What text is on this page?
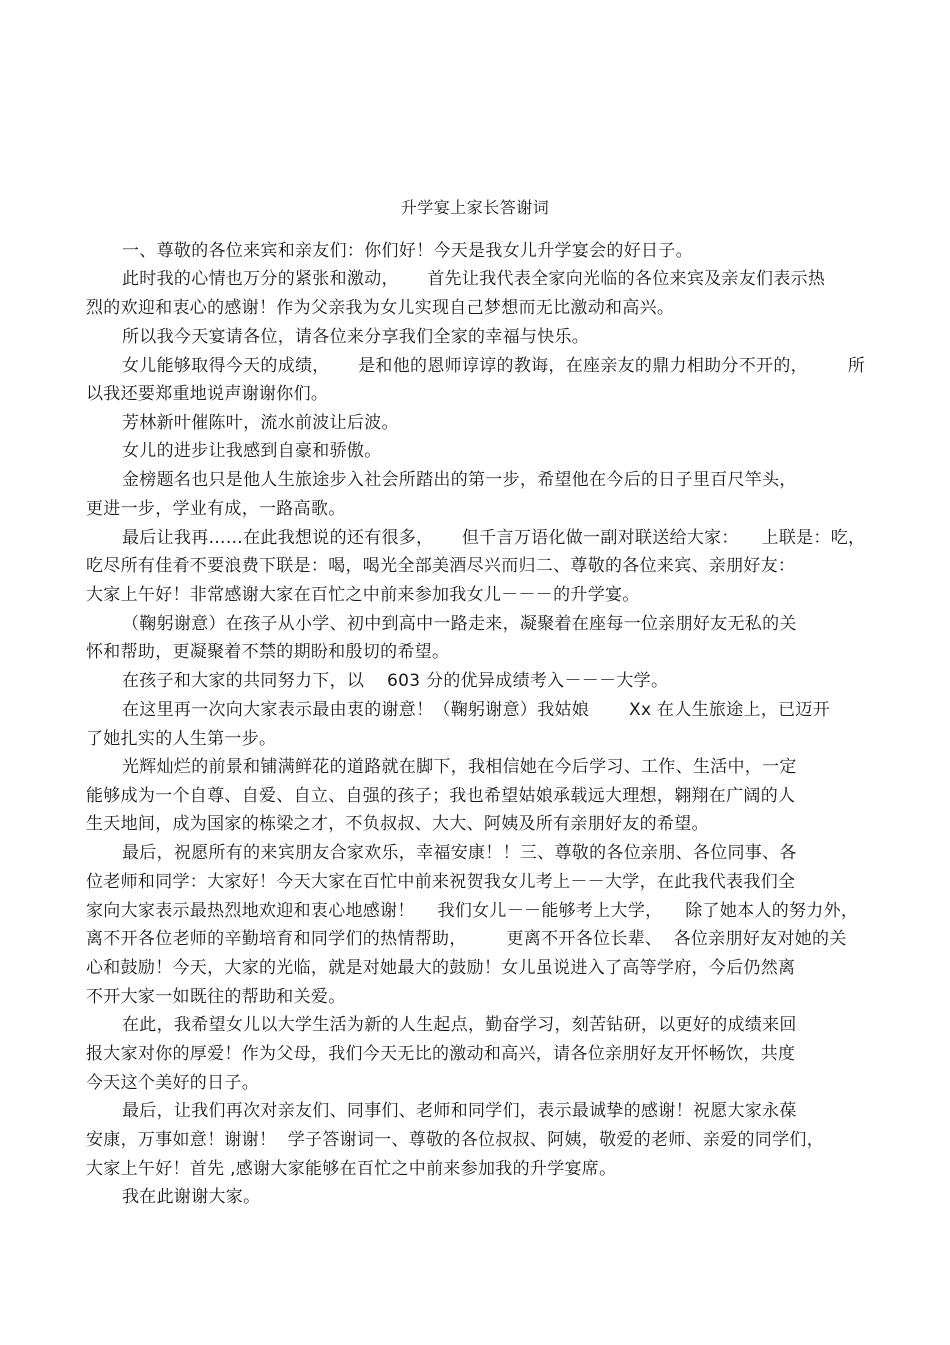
升学宴上家长答谢词
一、尊敬的各位来宾和亲友们：你们好！今天是我女儿升学宴会的好日子。
此时我的心情也万分的紧张和激动，     首先让我代表全家向光临的各位来宾及亲友们表示热
烈的欢迎和衷心的感谢！作为父亲我为女儿实现自己梦想而无比激动和高兴。
所以我今天宴请各位，请各位来分享我们全家的幸福与快乐。
女儿能够取得今天的成绩，     是和他的恩师谆谆的教诲，在座亲友的鼎力相助分不开的，       所
以我还要郑重地说声谢谢你们。
芳林新叶催陈叶，流水前波让后波。
女儿的进步让我感到自豪和骄傲。
金榜题名也只是他人生旅途步入社会所踏出的第一步，希望他在今后的日子里百尺竿头，
更进一步，学业有成，一路高歌。
最后让我再……在此我想说的还有很多，     但千言万语化做一副对联送给大家：    上联是：吃，
吃尽所有佳肴不要浪费下联是：喝，喝光全部美酒尽兴而归二、尊敬的各位来宾、亲朋好友：
大家上午好！非常感谢大家在百忙之中前来参加我女儿－－－的升学宴。
（鞠躬谢意）在孩子从小学、初中到高中一路走来，凝聚着在座每一位亲朋好友无私的关
怀和帮助，更凝聚着不禁的期盼和殷切的希望。
在孩子和大家的共同努力下，以    603 分的优异成绩考入－－－大学。
在这里再一次向大家表示最由衷的谢意！（鞠躬谢意）我姑娘       Xx 在人生旅途上，已迈开
了她扎实的人生第一步。
光辉灿烂的前景和铺满鲜花的道路就在脚下，我相信她在今后学习、工作、生活中，一定
能够成为一个自尊、自爱、自立、自强的孩子；我也希望姑娘承载远大理想，翱翔在广阔的人
生天地间，成为国家的栋梁之才，不负叔叔、大大、阿姨及所有亲朋好友的希望。
最后，祝愿所有的来宾朋友合家欢乐，幸福安康！！三、尊敬的各位亲朋、各位同事、各
位老师和同学：大家好！今天大家在百忙中前来祝贺我女儿考上－－大学，在此我代表我们全
家向大家表示最热烈地欢迎和衷心地感谢！    我们女儿－－能够考上大学，    除了她本人的努力外，
离不开各位老师的辛勤培育和同学们的热情帮助，       更离不开各位长辈、  各位亲朋好友对她的关
心和鼓励！今天，大家的光临，就是对她最大的鼓励！女儿虽说进入了高等学府，今后仍然离
不开大家一如既往的帮助和关爱。
在此，我希望女儿以大学生活为新的人生起点，勤奋学习，刻苦钻研，以更好的成绩来回
报大家对你的厚爱！作为父母，我们今天无比的激动和高兴，请各位亲朋好友开怀畅饮，共度
今天这个美好的日子。
最后，让我们再次对亲友们、同事们、老师和同学们，表示最诚挚的感谢！祝愿大家永葆
安康，万事如意！谢谢！  学子答谢词一、尊敬的各位叔叔、阿姨，敬爱的老师、亲爱的同学们，
大家上午好！首先 ,感谢大家能够在百忙之中前来参加我的升学宴席。
我在此谢谢大家。
